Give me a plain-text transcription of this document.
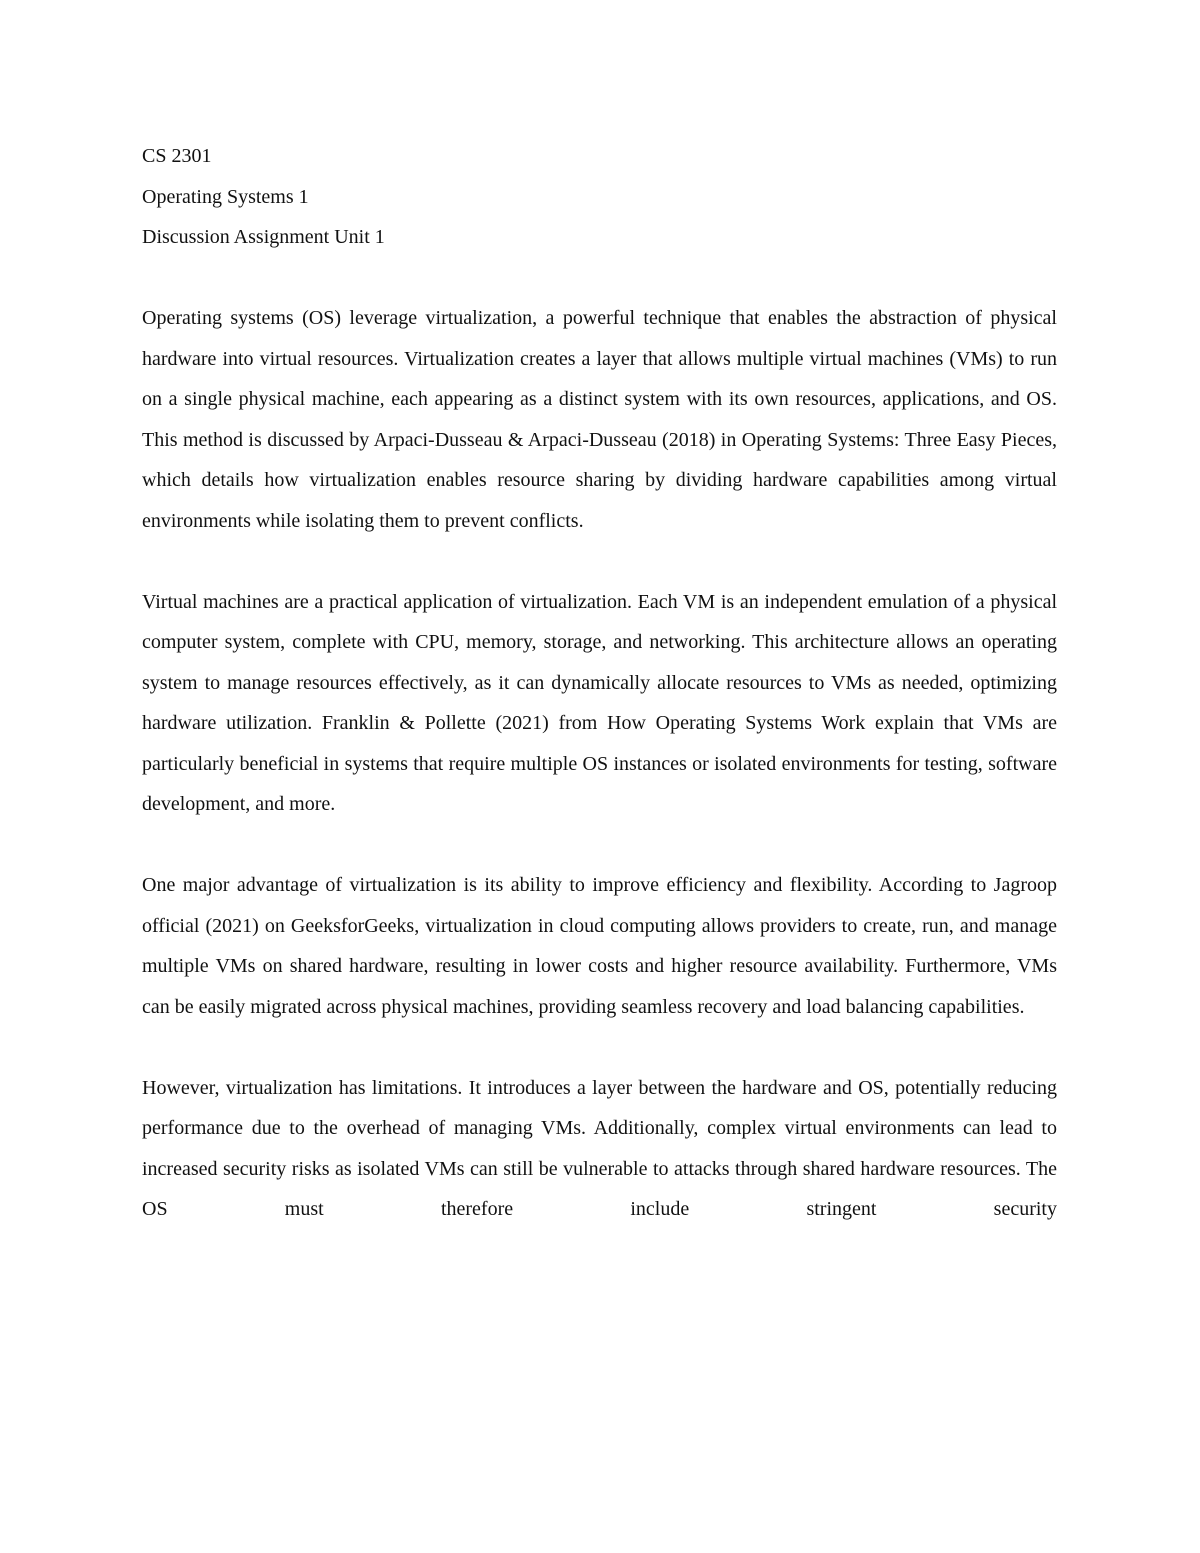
CS 2301

Operating Systems 1

Discussion Assignment Unit 1

Operating systems (OS) leverage virtualization, a powerful technique that enables the abstraction of physical hardware into virtual resources. Virtualization creates a layer that allows multiple virtual machines (VMs) to run on a single physical machine, each appearing as a distinct system with its own resources, applications, and OS. This method is discussed by Arpaci-Dusseau & Arpaci-Dusseau (2018) in Operating Systems: Three Easy Pieces, which details how virtualization enables resource sharing by dividing hardware capabilities among virtual environments while isolating them to prevent conflicts.

Virtual machines are a practical application of virtualization. Each VM is an independent emulation of a physical computer system, complete with CPU, memory, storage, and networking. This architecture allows an operating system to manage resources effectively, as it can dynamically allocate resources to VMs as needed, optimizing hardware utilization. Franklin & Pollette (2021) from How Operating Systems Work explain that VMs are particularly beneficial in systems that require multiple OS instances or isolated environments for testing, software development, and more.

One major advantage of virtualization is its ability to improve efficiency and flexibility. According to Jagroop official (2021) on GeeksforGeeks, virtualization in cloud computing allows providers to create, run, and manage multiple VMs on shared hardware, resulting in lower costs and higher resource availability. Furthermore, VMs can be easily migrated across physical machines, providing seamless recovery and load balancing capabilities.

However, virtualization has limitations. It introduces a layer between the hardware and OS, potentially reducing performance due to the overhead of managing VMs. Additionally, complex virtual environments can lead to increased security risks as isolated VMs can still be vulnerable to attacks through shared hardware resources. The OS must therefore include stringent security
